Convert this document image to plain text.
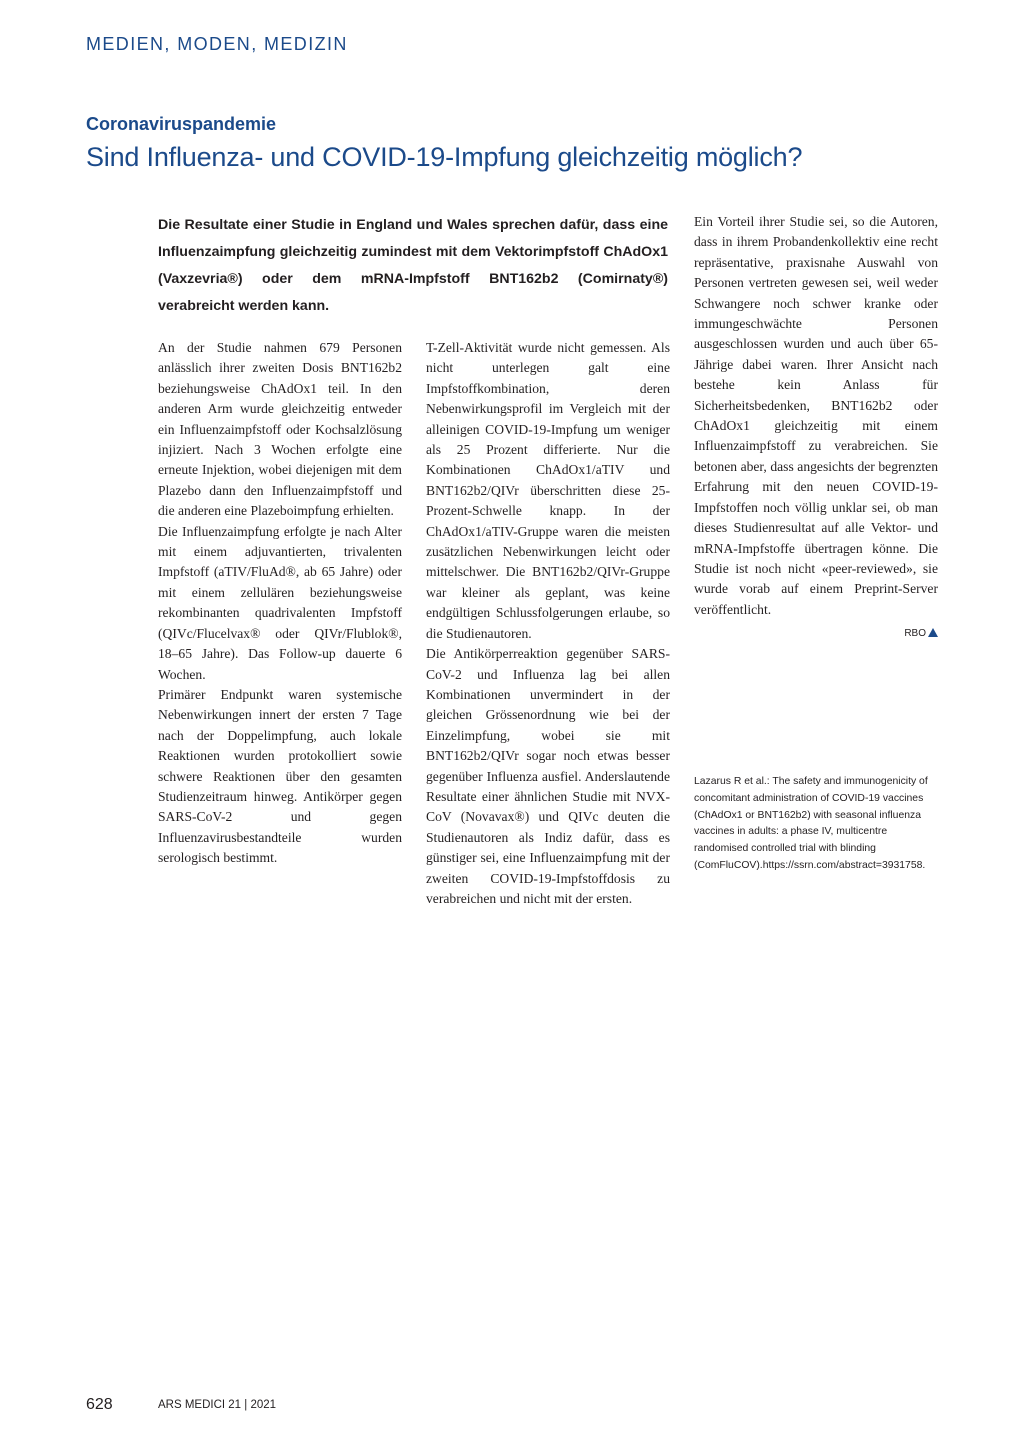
MEDIEN, MODEN, MEDIZIN
Coronaviruspandemie
Sind Influenza- und COVID-19-Impfung gleichzeitig möglich?
Die Resultate einer Studie in England und Wales sprechen dafür, dass eine Influenzaimpfung gleichzeitig zumindest mit dem Vektorimpfstoff ChAdOx1 (Vaxzevria®) oder dem mRNA-Impfstoff BNT162b2 (Comirnaty®) verabreicht werden kann.

An der Studie nahmen 679 Personen anlässlich ihrer zweiten Dosis BNT162b2 beziehungsweise ChAdOx1 teil. In den anderen Arm wurde gleichzeitig entweder ein Influenzaimpfstoff oder Kochsalzlösung injiziert. Nach 3 Wochen erfolgte eine erneute Injektion, wobei diejenigen mit dem Plazebo dann den Influenzaimpfstoff und die anderen eine Plazeboimpfung erhielten.

Die Influenzaimpfung erfolgte je nach Alter mit einem adjuvantierten, trivalenten Impfstoff (aTIV/FluAd®, ab 65 Jahre) oder mit einem zellulären beziehungsweise rekombinanten quadrivalenten Impfstoff (QIVc/Flucelvax® oder QIVr/Flublok®, 18–65 Jahre). Das Follow-up dauerte 6 Wochen.

Primärer Endpunkt waren systemische Nebenwirkungen innert der ersten 7 Tage nach der Doppelimpfung, auch lokale Reaktionen wurden protokolliert sowie schwere Reaktionen über den gesamten Studienzeitraum hinweg. Antikörper gegen SARS-CoV-2 und gegen Influenzavirusbestandteile wurden serologisch bestimmt.

T-Zell-Aktivität wurde nicht gemessen. Als nicht unterlegen galt eine Impfstoffkombination, deren Nebenwirkungsprofil im Vergleich mit der alleinigen COVID-19-Impfung um weniger als 25 Prozent differierte. Nur die Kombinationen ChAdOx1/aTIV und BNT162b2/QIVr überschritten diese 25-Prozent-Schwelle knapp. In der ChAdOx1/aTIV-Gruppe waren die meisten zusätzlichen Nebenwirkungen leicht oder mittelschwer. Die BNT162b2/QIVr-Gruppe war kleiner als geplant, was keine endgültigen Schlussfolgerungen erlaube, so die Studienautoren.

Die Antikörperreaktion gegenüber SARS-CoV-2 und Influenza lag bei allen Kombinationen unvermindert in der gleichen Grössenordnung wie bei der Einzelimpfung, wobei sie mit BNT162b2/QIVr sogar noch etwas besser gegenüber Influenza ausfiel. Anderslautende Resultate einer ähnlichen Studie mit NVX-CoV (Novavax®) und QIVc deuten die Studienautoren als Indiz dafür, dass es günstiger sei, eine Influenzaimpfung mit der zweiten COVID-19-Impfstoffdosis zu verabreichen und nicht mit der ersten.

Ein Vorteil ihrer Studie sei, so die Autoren, dass in ihrem Probandenkollektiv eine recht repräsentative, praxisnahe Auswahl von Personen vertreten gewesen sei, weil weder Schwangere noch schwer kranke oder immungeschwächte Personen ausgeschlossen wurden und auch über 65-Jährige dabei waren. Ihrer Ansicht nach bestehe kein Anlass für Sicherheitsbedenken, BNT162b2 oder ChAdOx1 gleichzeitig mit einem Influenzaimpfstoff zu verabreichen. Sie betonen aber, dass angesichts der begrenzten Erfahrung mit den neuen COVID-19-Impfstoffen noch völlig unklar sei, ob man dieses Studienresultat auf alle Vektor- und mRNA-Impfstoffe übertragen könne. Die Studie ist noch nicht «peer-reviewed», sie wurde vorab auf einem Preprint-Server veröffentlicht.

RBO
Lazarus R et al.: The safety and immunogenicity of concomitant administration of COVID-19 vaccines (ChAdOx1 or BNT162b2) with seasonal influenza vaccines in adults: a phase IV, multicentre randomised controlled trial with blinding (ComFluCOV).https://ssrn.com/abstract=3931758.
628	ARS MEDICI 21 | 2021
